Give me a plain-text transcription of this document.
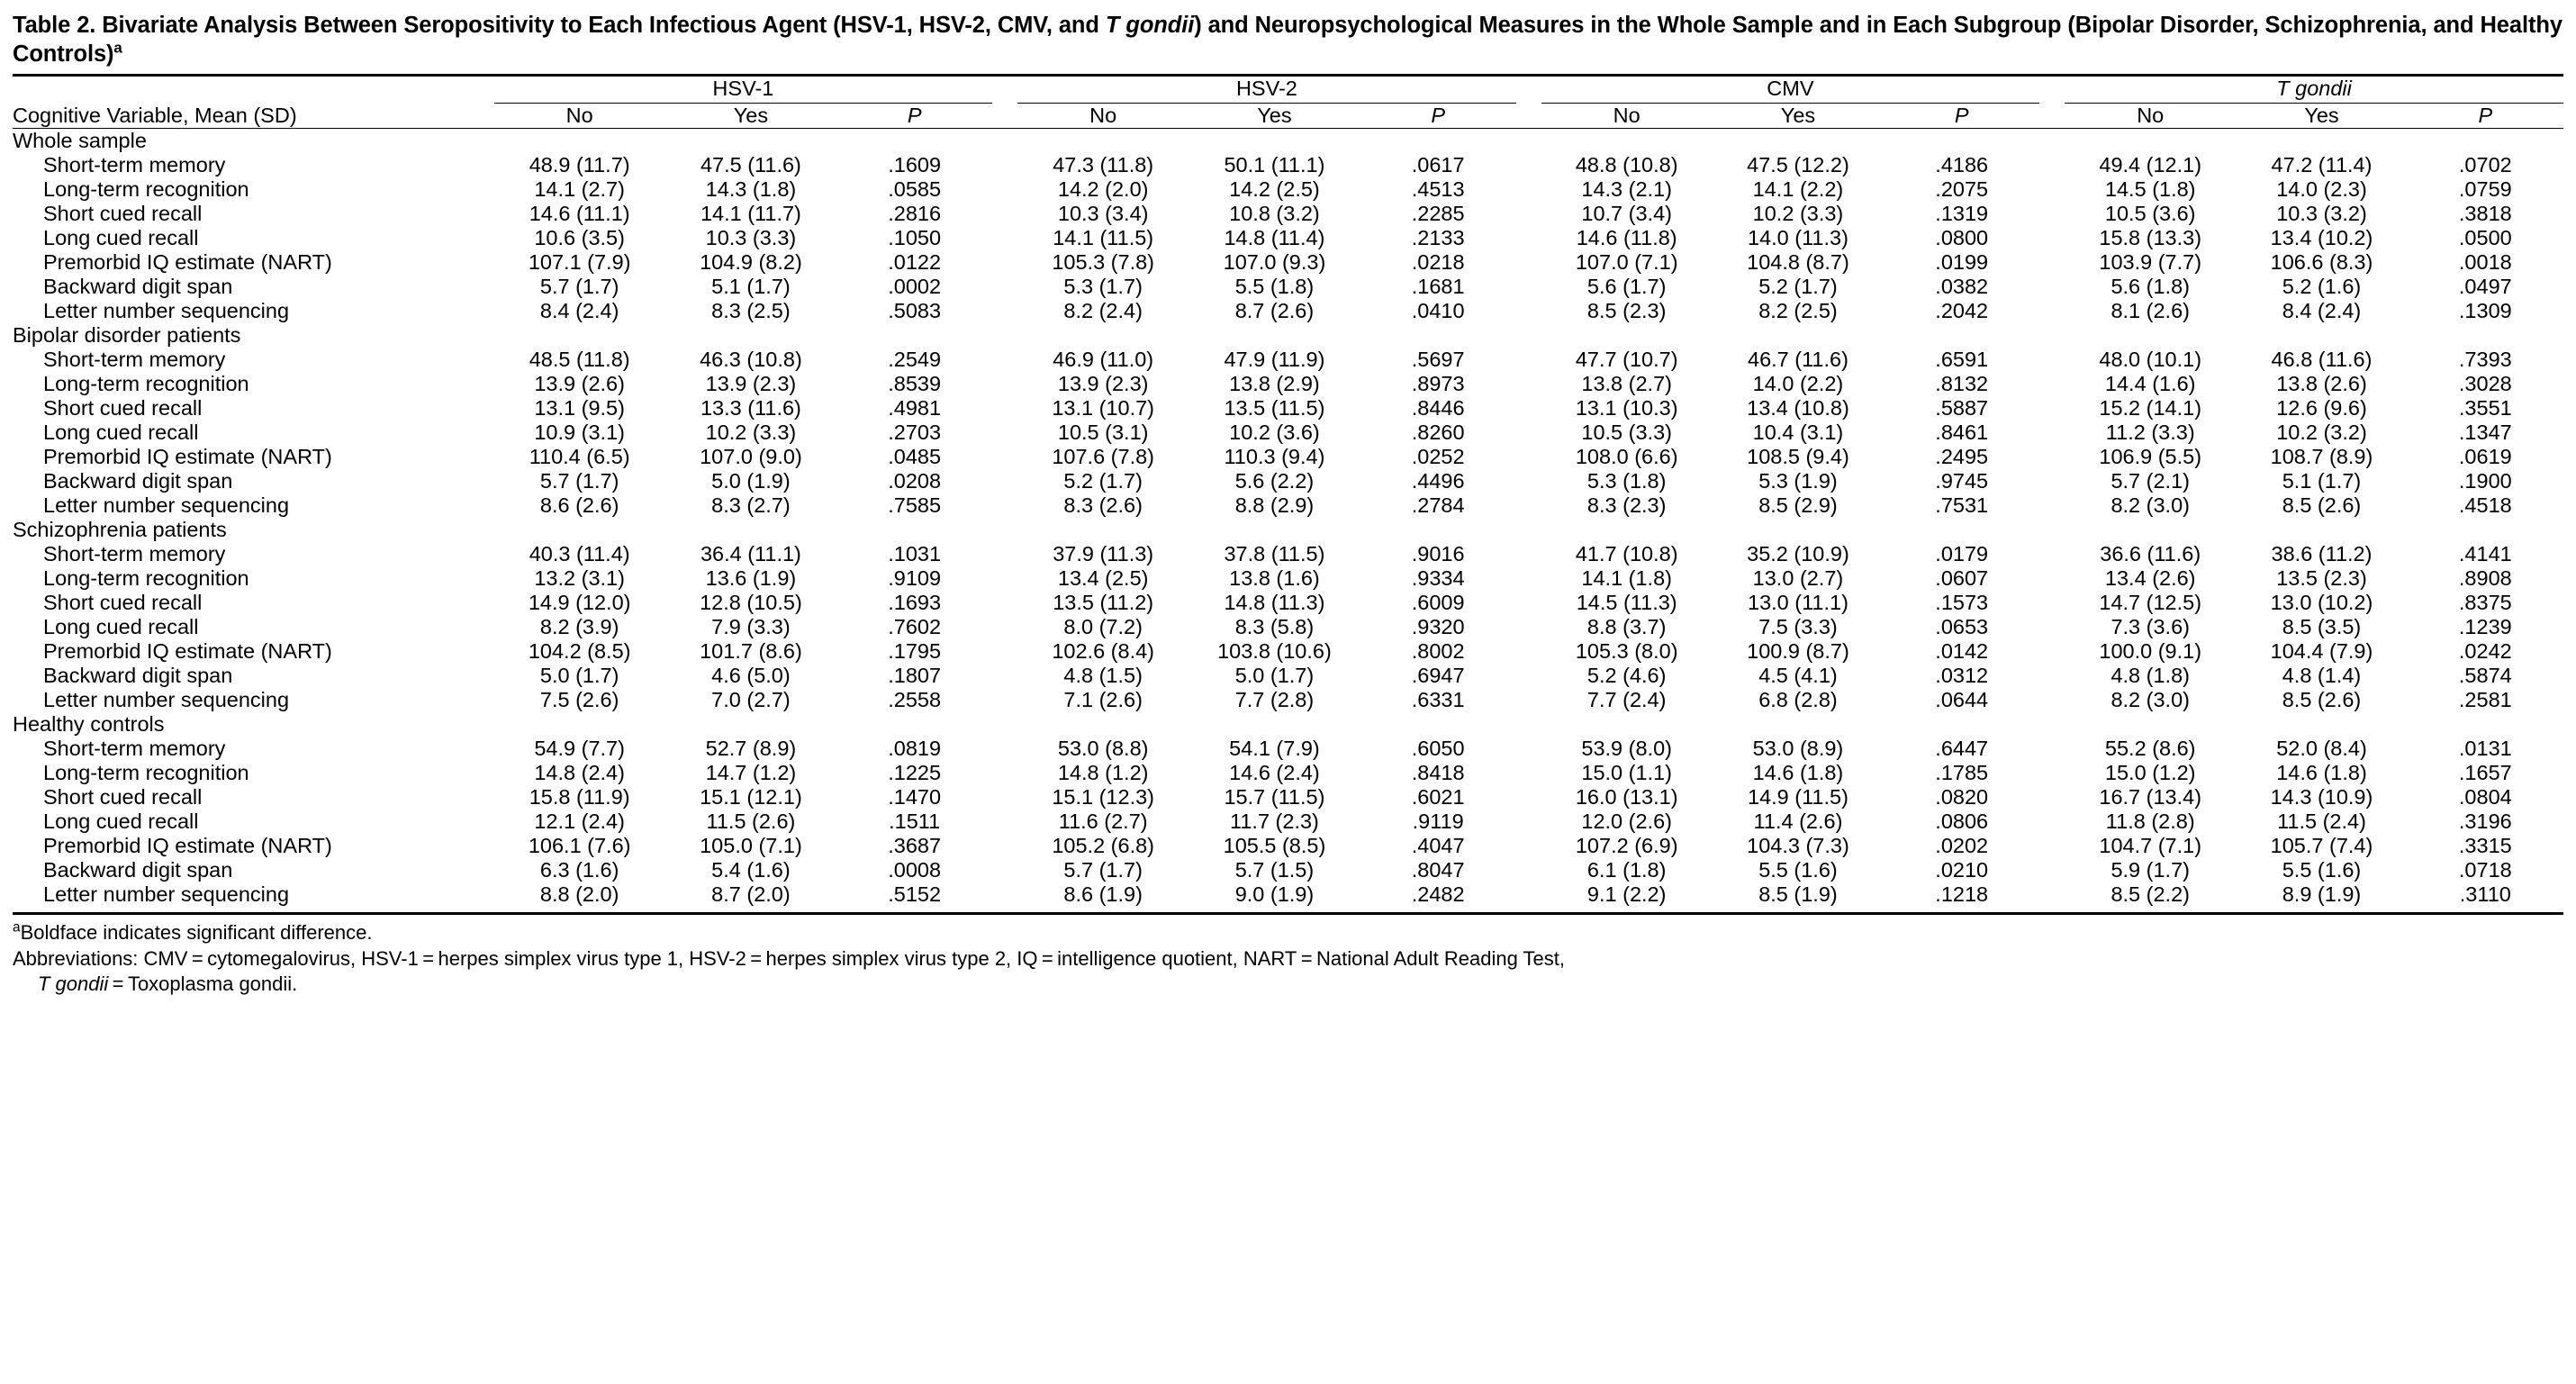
Table 2. Bivariate Analysis Between Seropositivity to Each Infectious Agent (HSV-1, HSV-2, CMV, and T gondii) and Neuropsychological Measures in the Whole Sample and in Each Subgroup (Bipolar Disorder, Schizophrenia, and Healthy Controls)$^a$

	HSV-1				HSV-2				CMV				T gondii		

Cognitive Variable, Mean (SD)	No	Yes	P		No	Yes	P		No	Yes	P		No	Yes	P
Whole sample															
Short-term memory	48.9 (11.7)	47.5 (11.6)	.1609		47.3 (11.8)	50.1 (11.1)	.0617		48.8 (10.8)	47.5 (12.2)	.4186		49.4 (12.1)	47.2 (11.4)	.0702
Long-term recognition	14.1 (2.7)	14.3 (1.8)	.0585		14.2 (2.0)	14.2 (2.5)	.4513		14.3 (2.1)	14.1 (2.2)	.2075		14.5 (1.8)	14.0 (2.3)	.0759
Short cued recall	14.6 (11.1)	14.1 (11.7)	.2816		10.3 (3.4)	10.8 (3.2)	.2285		10.7 (3.4)	10.2 (3.3)	.1319		10.5 (3.6)	10.3 (3.2)	.3818
Long cued recall	10.6 (3.5)	10.3 (3.3)	.1050		14.1 (11.5)	14.8 (11.4)	.2133		14.6 (11.8)	14.0 (11.3)	.0800		15.8 (13.3)	13.4 (10.2)	.0500
Premorbid IQ estimate (NART)	107.1 (7.9)	104.9 (8.2)	.0122		105.3 (7.8)	107.0 (9.3)	.0218		107.0 (7.1)	104.8 (8.7)	.0199		103.9 (7.7)	106.6 (8.3)	.0018
Backward digit span	5.7 (1.7)	5.1 (1.7)	.0002		5.3 (1.7)	5.5 (1.8)	.1681		5.6 (1.7)	5.2 (1.7)	.0382		5.6 (1.8)	5.2 (1.6)	.0497
Letter number sequencing	8.4 (2.4)	8.3 (2.5)	.5083		8.2 (2.4)	8.7 (2.6)	.0410		8.5 (2.3)	8.2 (2.5)	.2042		8.1 (2.6)	8.4 (2.4)	.1309
Bipolar disorder patients															
Short-term memory	48.5 (11.8)	46.3 (10.8)	.2549		46.9 (11.0)	47.9 (11.9)	.5697		47.7 (10.7)	46.7 (11.6)	.6591		48.0 (10.1)	46.8 (11.6)	.7393
Long-term recognition	13.9 (2.6)	13.9 (2.3)	.8539		13.9 (2.3)	13.8 (2.9)	.8973		13.8 (2.7)	14.0 (2.2)	.8132		14.4 (1.6)	13.8 (2.6)	.3028
Short cued recall	13.1 (9.5)	13.3 (11.6)	.4981		13.1 (10.7)	13.5 (11.5)	.8446		13.1 (10.3)	13.4 (10.8)	.5887		15.2 (14.1)	12.6 (9.6)	.3551
Long cued recall	10.9 (3.1)	10.2 (3.3)	.2703		10.5 (3.1)	10.2 (3.6)	.8260		10.5 (3.3)	10.4 (3.1)	.8461		11.2 (3.3)	10.2 (3.2)	.1347
Premorbid IQ estimate (NART)	110.4 (6.5)	107.0 (9.0)	.0485		107.6 (7.8)	110.3 (9.4)	.0252		108.0 (6.6)	108.5 (9.4)	.2495		106.9 (5.5)	108.7 (8.9)	.0619
Backward digit span	5.7 (1.7)	5.0 (1.9)	.0208		5.2 (1.7)	5.6 (2.2)	.4496		5.3 (1.8)	5.3 (1.9)	.9745		5.7 (2.1)	5.1 (1.7)	.1900
Letter number sequencing	8.6 (2.6)	8.3 (2.7)	.7585		8.3 (2.6)	8.8 (2.9)	.2784		8.3 (2.3)	8.5 (2.9)	.7531		8.2 (3.0)	8.5 (2.6)	.4518
Schizophrenia patients															
Short-term memory	40.3 (11.4)	36.4 (11.1)	.1031		37.9 (11.3)	37.8 (11.5)	.9016		41.7 (10.8)	35.2 (10.9)	.0179		36.6 (11.6)	38.6 (11.2)	.4141
Long-term recognition	13.2 (3.1)	13.6 (1.9)	.9109		13.4 (2.5)	13.8 (1.6)	.9334		14.1 (1.8)	13.0 (2.7)	.0607		13.4 (2.6)	13.5 (2.3)	.8908
Short cued recall	14.9 (12.0)	12.8 (10.5)	.1693		13.5 (11.2)	14.8 (11.3)	.6009		14.5 (11.3)	13.0 (11.1)	.1573		14.7 (12.5)	13.0 (10.2)	.8375
Long cued recall	8.2 (3.9)	7.9 (3.3)	.7602		8.0 (7.2)	8.3 (5.8)	.9320		8.8 (3.7)	7.5 (3.3)	.0653		7.3 (3.6)	8.5 (3.5)	.1239
Premorbid IQ estimate (NART)	104.2 (8.5)	101.7 (8.6)	.1795		102.6 (8.4)	103.8 (10.6)	.8002		105.3 (8.0)	100.9 (8.7)	.0142		100.0 (9.1)	104.4 (7.9)	.0242
Backward digit span	5.0 (1.7)	4.6 (5.0)	.1807		4.8 (1.5)	5.0 (1.7)	.6947		5.2 (4.6)	4.5 (4.1)	.0312		4.8 (1.8)	4.8 (1.4)	.5874
Letter number sequencing	7.5 (2.6)	7.0 (2.7)	.2558		7.1 (2.6)	7.7 (2.8)	.6331		7.7 (2.4)	6.8 (2.8)	.0644		8.2 (3.0)	8.5 (2.6)	.2581
Healthy controls															
Short-term memory	54.9 (7.7)	52.7 (8.9)	.0819		53.0 (8.8)	54.1 (7.9)	.6050		53.9 (8.0)	53.0 (8.9)	.6447		55.2 (8.6)	52.0 (8.4)	.0131
Long-term recognition	14.8 (2.4)	14.7 (1.2)	.1225		14.8 (1.2)	14.6 (2.4)	.8418		15.0 (1.1)	14.6 (1.8)	.1785		15.0 (1.2)	14.6 (1.8)	.1657
Short cued recall	15.8 (11.9)	15.1 (12.1)	.1470		15.1 (12.3)	15.7 (11.5)	.6021		16.0 (13.1)	14.9 (11.5)	.0820		16.7 (13.4)	14.3 (10.9)	.0804
Long cued recall	12.1 (2.4)	11.5 (2.6)	.1511		11.6 (2.7)	11.7 (2.3)	.9119		12.0 (2.6)	11.4 (2.6)	.0806		11.8 (2.8)	11.5 (2.4)	.3196
Premorbid IQ estimate (NART)	106.1 (7.6)	105.0 (7.1)	.3687		105.2 (6.8)	105.5 (8.5)	.4047		107.2 (6.9)	104.3 (7.3)	.0202		104.7 (7.1)	105.7 (7.4)	.3315
Backward digit span	6.3 (1.6)	5.4 (1.6)	.0008		5.7 (1.7)	5.7 (1.5)	.8047		6.1 (1.8)	5.5 (1.6)	.0210		5.9 (1.7)	5.5 (1.6)	.0718
Letter number sequencing	8.8 (2.0)	8.7 (2.0)	.5152		8.6 (1.9)	9.0 (1.9)	.2482		9.1 (2.2)	8.5 (1.9)	.1218		8.5 (2.2)	8.9 (1.9)	.3110
$^a$Boldface indicates significant difference.
Abbreviations: CMV = cytomegalovirus, HSV-1 = herpes simplex virus type 1, HSV-2 = herpes simplex virus type 2, IQ = intelligence quotient, NART = National Adult Reading Test,
T gondii = Toxoplasma gondii.
